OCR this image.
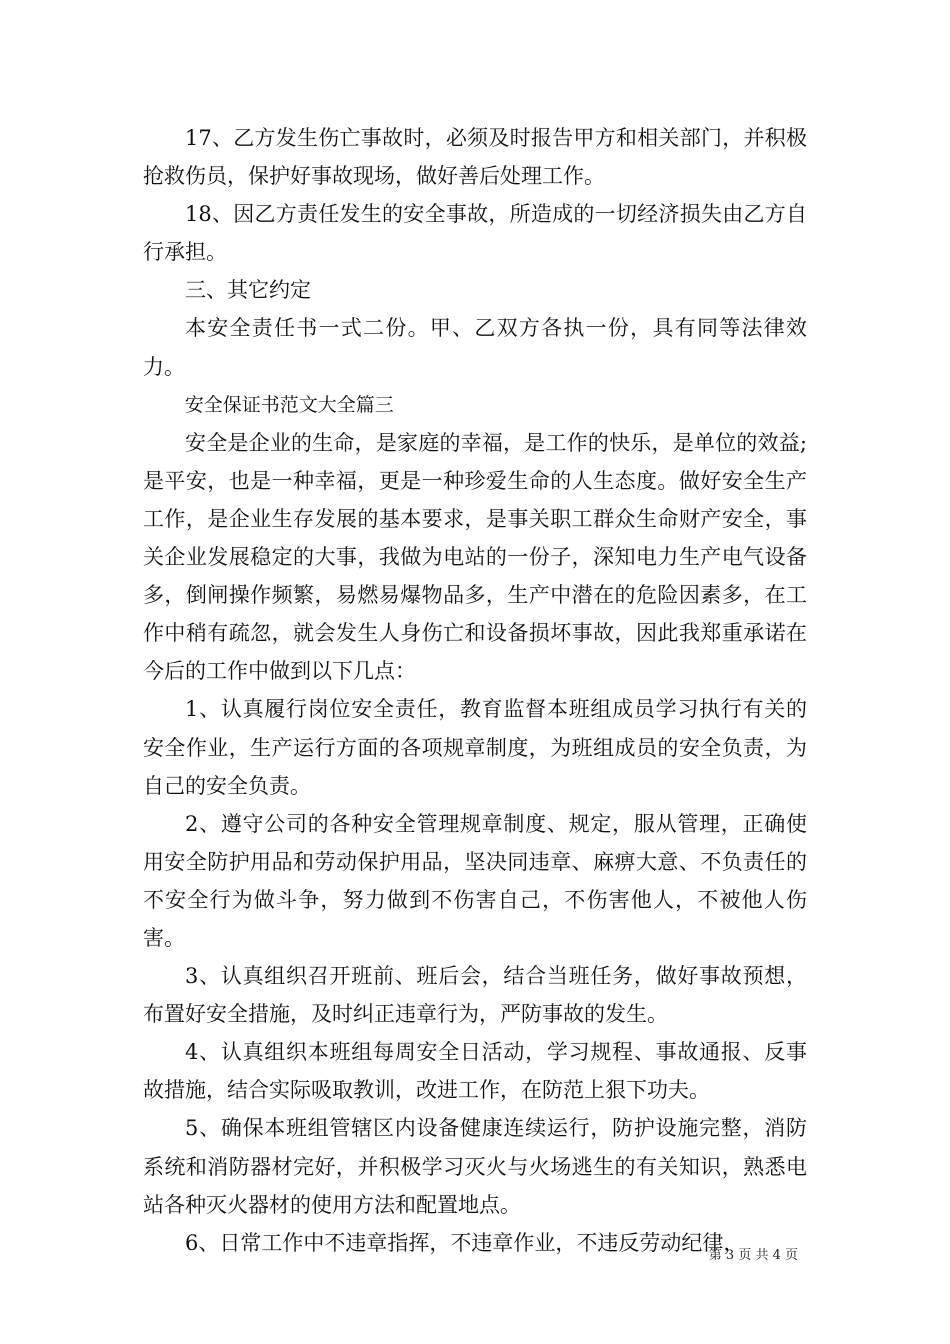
17、乙方发生伤亡事故时，必须及时报告甲方和相关部门，并积极抢救伤员，保护好事故现场，做好善后处理工作。

18、因乙方责任发生的安全事故，所造成的一切经济损失由乙方自行承担。

三、其它约定

本安全责任书一式二份。甲、乙双方各执一份，具有同等法律效力。

安全保证书范文大全篇三

安全是企业的生命，是家庭的幸福，是工作的快乐，是单位的效益;是平安，也是一种幸福，更是一种珍爱生命的人生态度。做好安全生产工作，是企业生存发展的基本要求，是事关职工群众生命财产安全，事关企业发展稳定的大事，我做为电站的一份子，深知电力生产电气设备多，倒闸操作频繁，易燃易爆物品多，生产中潜在的危险因素多，在工作中稍有疏忽，就会发生人身伤亡和设备损坏事故，因此我郑重承诺在今后的工作中做到以下几点：

1、认真履行岗位安全责任，教育监督本班组成员学习执行有关的安全作业，生产运行方面的各项规章制度，为班组成员的安全负责，为自己的安全负责。

2、遵守公司的各种安全管理规章制度、规定，服从管理，正确使用安全防护用品和劳动保护用品，坚决同违章、麻痹大意、不负责任的不安全行为做斗争，努力做到不伤害自己，不伤害他人，不被他人伤害。

3、认真组织召开班前、班后会，结合当班任务，做好事故预想，布置好安全措施，及时纠正违章行为，严防事故的发生。

4、认真组织本班组每周安全日活动，学习规程、事故通报、反事故措施，结合实际吸取教训，改进工作，在防范上狠下功夫。

5、确保本班组管辖区内设备健康连续运行，防护设施完整，消防系统和消防器材完好，并积极学习灭火与火场逃生的有关知识，熟悉电站各种灭火器材的使用方法和配置地点。

6、日常工作中不违章指挥，不违章作业，不违反劳动纪律，

第 3 页 共 4 页
